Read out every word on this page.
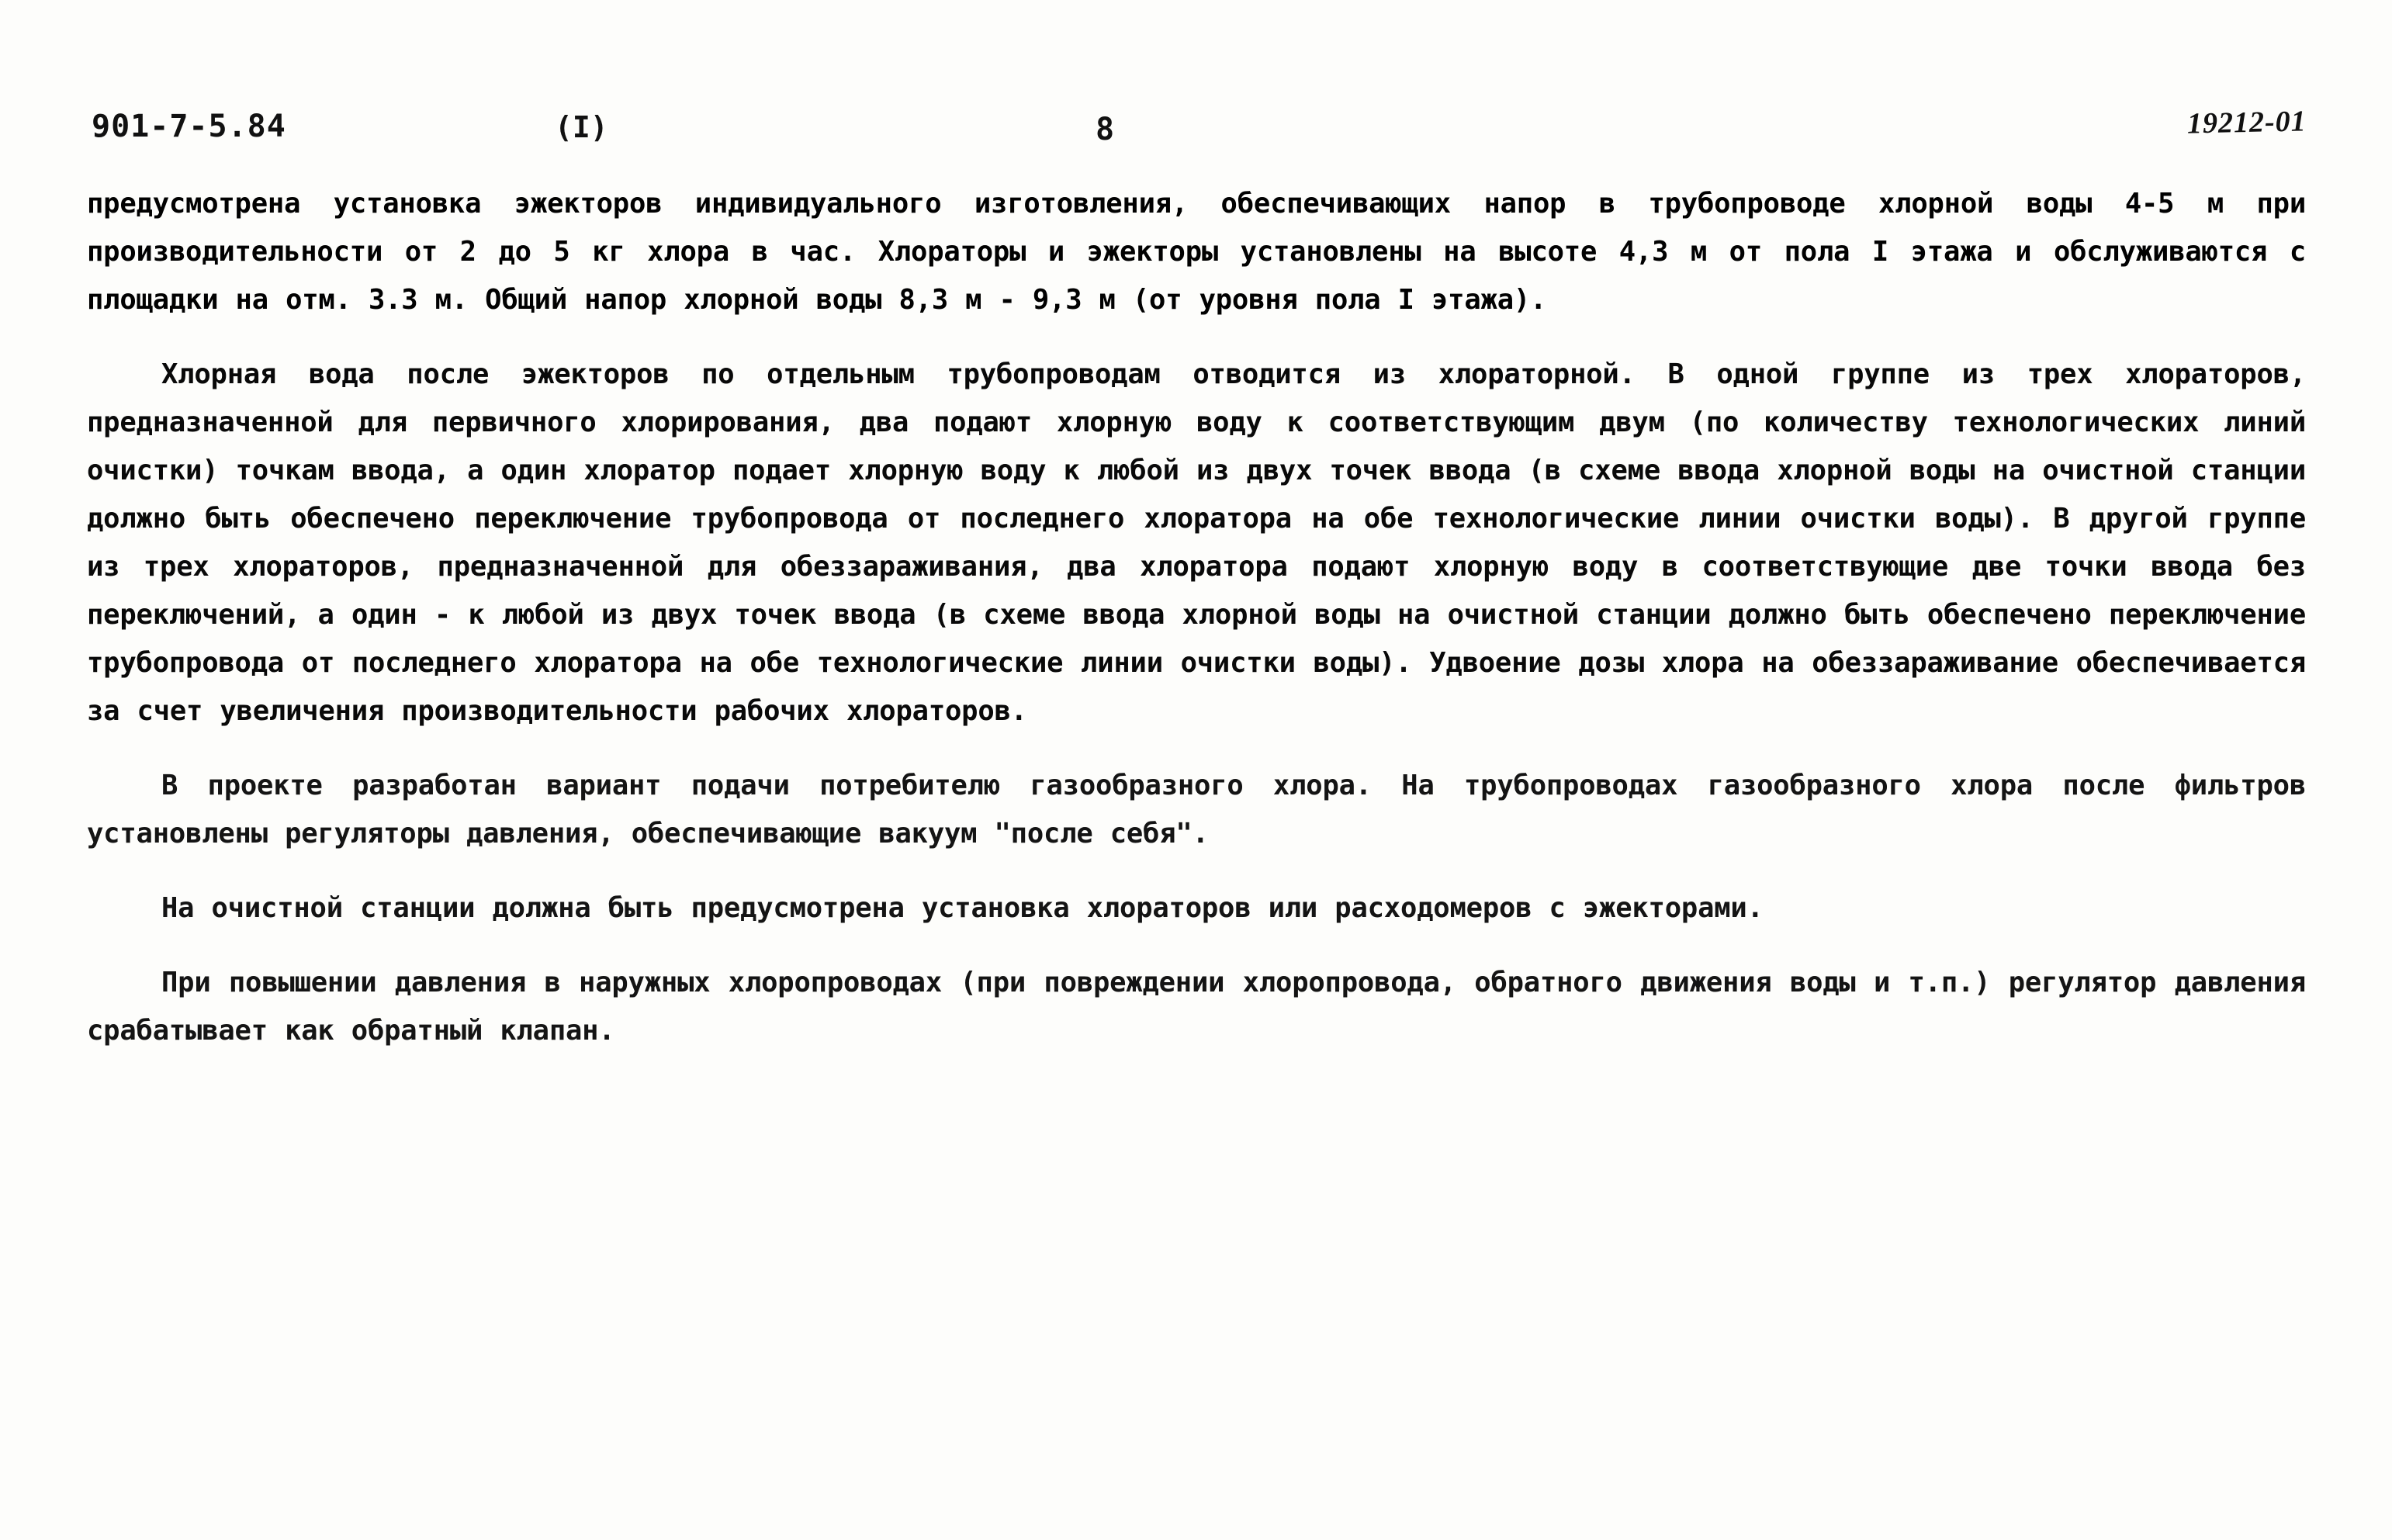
901-7-5.84	(I)	8	19212-01

предусмотрена установка эжекторов индивидуального изготовления, обеспечивающих напор в трубопроводе хлорной воды 4-5 м при производительности от 2 до 5 кг хлора в час. Хлораторы и эжекторы установлены на высоте 4,3 м от пола I этажа и обслуживаются с площадки на отм. 3.3 м. Общий напор хлорной воды 8,3 м - 9,3 м (от уровня пола I этажа).

Хлорная вода после эжекторов по отдельным трубопроводам отводится из хлораторной. В одной группе из трех хлораторов, предназначенной для первичного хлорирования, два подают хлорную воду к соответствующим двум (по количеству технологических линий очистки) точкам ввода, а один хлоратор подает хлорную воду к любой из двух точек ввода (в схеме ввода хлорной воды на очистной станции должно быть обеспечено переключение трубопровода от последнего хлоратора на обе технологические линии очистки воды). В другой группе из трех хлораторов, предназначенной для обеззараживания, два хлоратора подают хлорную воду в соответствующие две точки ввода без переключений, а один - к любой из двух точек ввода (в схеме ввода хлорной воды на очистной станции должно быть обеспечено переключение трубопровода от последнего хлоратора на обе технологические линии очистки воды). Удвоение дозы хлора на обеззараживание обеспечивается за счет увеличения производительности рабочих хлораторов.

В проекте разработан вариант подачи потребителю газообразного хлора. На трубопроводах газообразного хлора после фильтров установлены регуляторы давления, обеспечивающие вакуум "после себя".

На очистной станции должна быть предусмотрена установка хлораторов или расходомеров с эжекторами.

При повышении давления в наружных хлоропроводах (при повреждении хлоропровода, обратного движения воды и т.п.) регулятор давления срабатывает как обратный клапан.
